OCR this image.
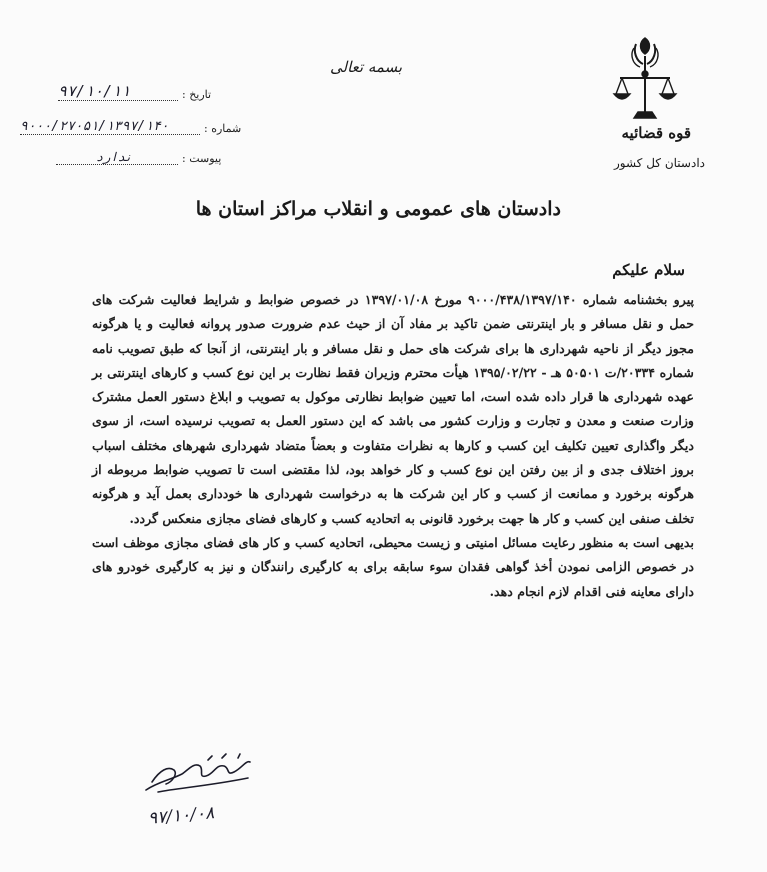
قوه قضائیه
دادستان کل کشور
بسمه تعالی
تاریخ :
۹۷/۱۰/۱۱
شماره :
۹۰۰۰/۲۷۰۵۱/۱۳۹۷/۱۴۰
پیوست :
ندارد
دادستان های عمومی و انقلاب مراکز استان ها
سلام علیکم

پیرو بخشنامه شماره ۹۰۰۰/۴۳۸/۱۳۹۷/۱۴۰ مورخ ۱۳۹۷/۰۱/۰۸ در خصوص ضوابط و شرایط فعالیت شرکت های حمل و نقل مسافر و بار اینترنتی ضمن تاکید بر مفاد آن از حیث عدم ضرورت صدور پروانه فعالیت و یا هرگونه مجوز دیگر از ناحیه شهرداری ها برای شرکت های حمل و نقل مسافر و بار اینترنتی، از آنجا که طبق تصویب نامه شماره ۲۰۳۳۴/ت ۵۰۵۰۱ هـ - ۱۳۹۵/۰۲/۲۲ هیأت محترم وزیران فقط نظارت بر این نوع کسب و کارهای اینترنتی بر عهده شهرداری ها قرار داده شده است، اما تعیین ضوابط نظارتی موکول به تصویب و ابلاغ دستور العمل مشترک وزارت صنعت و معدن و تجارت و وزارت کشور می باشد که این دستور العمل به تصویب نرسیده است، از سوی دیگر واگذاری تعیین تکلیف این کسب و کارها به نظرات متفاوت و بعضاً متضاد شهرداری شهرهای مختلف اسباب بروز اختلاف جدی و از بین رفتن این نوع کسب و کار خواهد بود، لذا مقتضی است تا تصویب ضوابط مربوطه از هرگونه برخورد و ممانعت از کسب و کار این شرکت ها به درخواست شهرداری ها خودداری بعمل آید و هرگونه تخلف صنفی این کسب و کار ها جهت برخورد قانونی به اتحادیه کسب و کارهای فضای مجازی منعکس گردد.

بدیهی است به منظور رعایت مسائل امنیتی و زیست محیطی، اتحادیه کسب و کار های فضای مجازی موظف است در خصوص الزامی نمودن أخذ گواهی فقدان سوء سابقه برای به کارگیری رانندگان و نیز به کارگیری خودرو های دارای معاینه فنی اقدام لازم انجام دهد.

۹۷/۱۰/۰۸
